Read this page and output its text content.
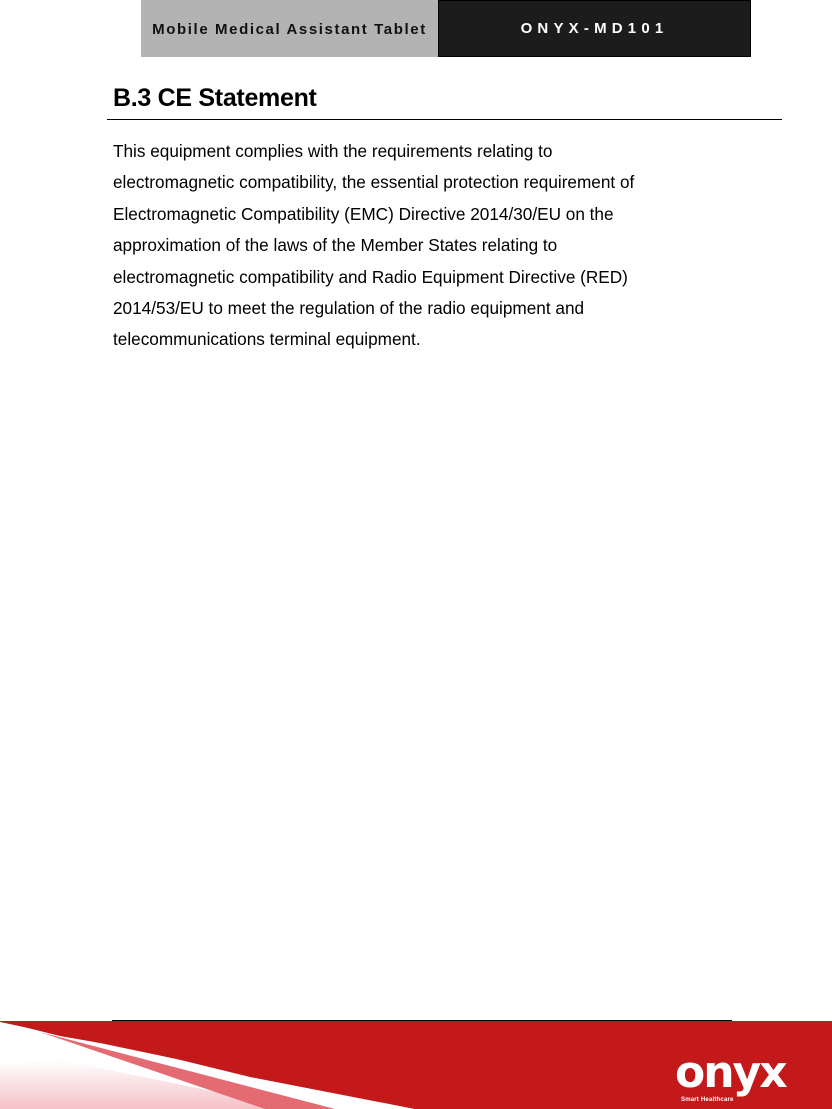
Mobile Medical Assistant Tablet	ONYX-MD101
B.3 CE Statement

This equipment complies with the requirements relating to
electromagnetic compatibility, the essential protection requirement of
Electromagnetic Compatibility (EMC) Directive 2014/30/EU on the
approximation of the laws of the Member States relating to
electromagnetic compatibility and Radio Equipment Directive (RED)
2014/53/EU to meet the regulation of the radio equipment and
telecommunications terminal equipment.

onyx
Smart Healthcare
